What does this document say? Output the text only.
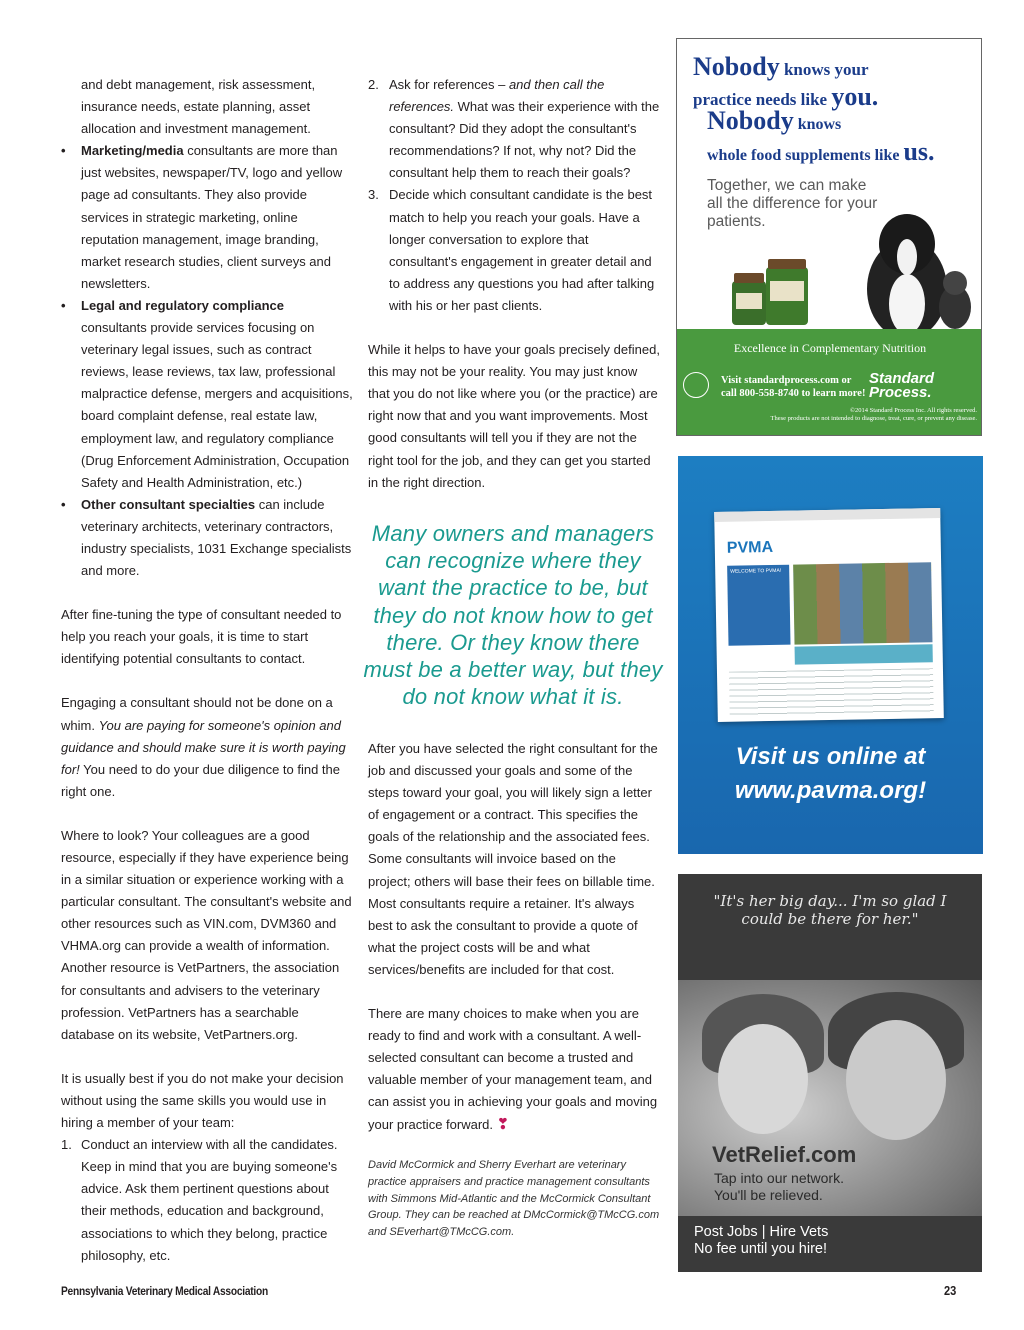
and debt management, risk assessment, insurance needs, estate planning, asset allocation and investment management.

• Marketing/media consultants are more than just websites, newspaper/TV, logo and yellow page ad consultants. They also provide services in strategic marketing, online reputation management, image branding, market research studies, client surveys and newsletters.

• Legal and regulatory compliance consultants provide services focusing on veterinary legal issues, such as contract reviews, lease reviews, tax law, professional malpractice defense, mergers and acquisitions, board complaint defense, real estate law, employment law, and regulatory compliance (Drug Enforcement Administration, Occupation Safety and Health Administration, etc.)

• Other consultant specialties can include veterinary architects, veterinary contractors, industry specialists, 1031 Exchange specialists and more.

After fine-tuning the type of consultant needed to help you reach your goals, it is time to start identifying potential consultants to contact.

Engaging a consultant should not be done on a whim. You are paying for someone's opinion and guidance and should make sure it is worth paying for! You need to do your due diligence to find the right one.

Where to look? Your colleagues are a good resource, especially if they have experience being in a similar situation or experience working with a particular consultant. The consultant's website and other resources such as VIN.com, DVM360 and VHMA.org can provide a wealth of information. Another resource is VetPartners, the association for consultants and advisers to the veterinary profession. VetPartners has a searchable database on its website, VetPartners.org.

It is usually best if you do not make your decision without using the same skills you would use in hiring a member of your team:

1. Conduct an interview with all the candidates. Keep in mind that you are buying someone's advice. Ask them pertinent questions about their methods, education and background, associations to which they belong, practice philosophy, etc.

2. Ask for references – and then call the references. What was their experience with the consultant? Did they adopt the consultant's recommendations? If not, why not? Did the consultant help them to reach their goals?

3. Decide which consultant candidate is the best match to help you reach your goals. Have a longer conversation to explore that consultant's engagement in greater detail and to address any questions you had after talking with his or her past clients.

While it helps to have your goals precisely defined, this may not be your reality. You may just know that you do not like where you (or the practice) are right now that and you want improvements. Most good consultants will tell you if they are not the right tool for the job, and they can get you started in the right direction.

Many owners and managers can recognize where they want the practice to be, but they do not know how to get there. Or they know there must be a better way, but they do not know what it is.

After you have selected the right consultant for the job and discussed your goals and some of the steps toward your goal, you will likely sign a letter of engagement or a contract. This specifies the goals of the relationship and the associated fees. Some consultants will invoice based on the project; others will base their fees on billable time. Most consultants require a retainer. It's always best to ask the consultant to provide a quote of what the project costs will be and what services/benefits are included for that cost.

There are many choices to make when you are ready to find and work with a consultant. A well-selected consultant can become a trusted and valuable member of your management team, and can assist you in achieving your goals and moving your practice forward. ❣

David McCormick and Sherry Everhart are veterinary practice appraisers and practice management consultants with Simmons Mid-Atlantic and the McCormick Consultant Group. They can be reached at DMcCormick@TMcCG.com and SEverhart@TMcCG.com.
Nobody knows your
practice needs like you.
Nobody knows
whole food supplements like us.
Together, we can make all the difference for your patients.
Excellence in Complementary Nutrition
Visit standardprocess.com or
call 800-558-8740 to learn more!
Standard
Process.
©2014 Standard Process Inc. All rights reserved.
These products are not intended to diagnose, treat, cure, or prevent any disease.
PVMA
WELCOME TO PVMA!
Visit us online at
www.pavma.org!
"It's her big day... I'm so glad I could be there for her."
VetRelief.com
Tap into our network.
You'll be relieved.
Post Jobs | Hire Vets
No fee until you hire!
Pennsylvania Veterinary Medical Association	23
